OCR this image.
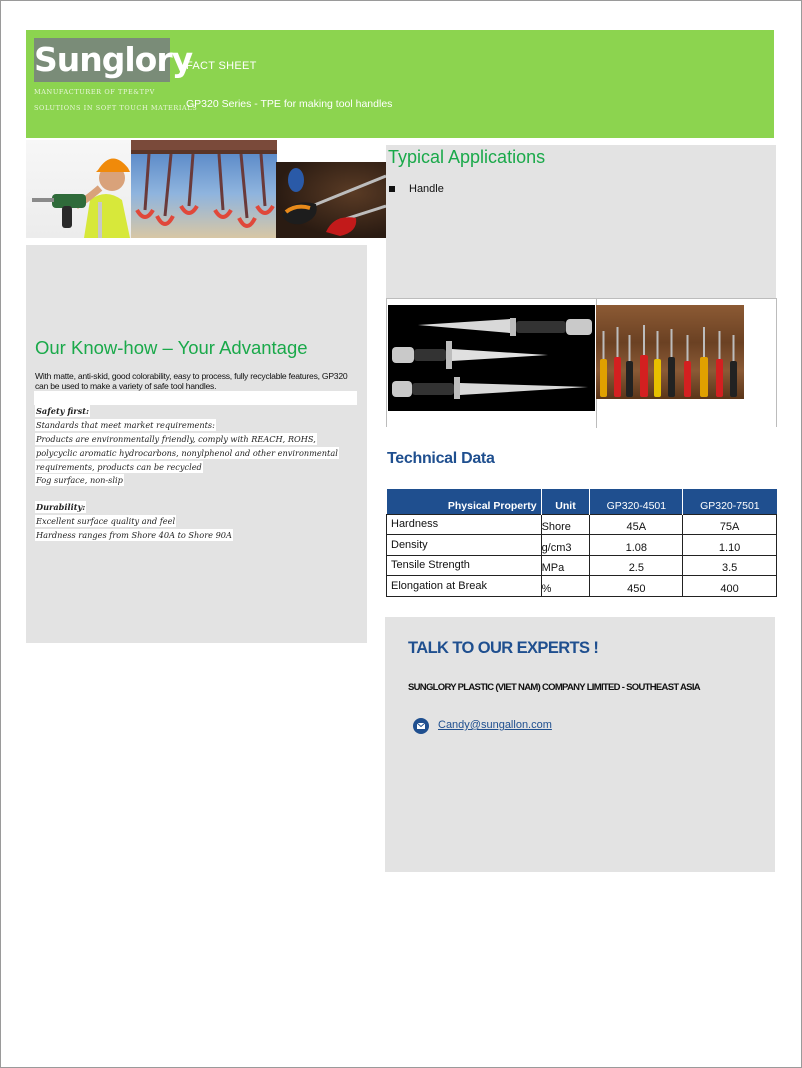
Sunglory
MANUFACTURER OF TPE&TPV
SOLUTIONS IN SOFT TOUCH MATERIALS
FACT SHEET
GP320 Series - TPE for making tool handles
Our Know-how – Your Advantage
With matte, anti-skid, good colorability, easy to process, fully recyclable features, GP320 can be used to make a variety of safe tool handles.
Safety first:
Standards that meet market requirements:
Products are environmentally friendly, comply with REACH, ROHS,
polycyclic aromatic hydrocarbons, nonylphenol and other environmental
requirements, products can be recycled
Fog surface, non-slip
Durability:
Excellent surface quality and feel
Hardness ranges from Shore 40A to Shore 90A
Typical Applications
Handle
Technical Data
Physical Property	Unit	GP320-4501	GP320-7501
Hardness	Shore	45A	75A
Density	g/cm3	1.08	1.10
Tensile Strength	MPa	2.5	3.5
Elongation at Break	%	450	400
TALK TO OUR EXPERTS !
SUNGLORY PLASTIC (VIET NAM) COMPANY LIMITED - SOUTHEAST ASIA
Candy@sungallon.com
